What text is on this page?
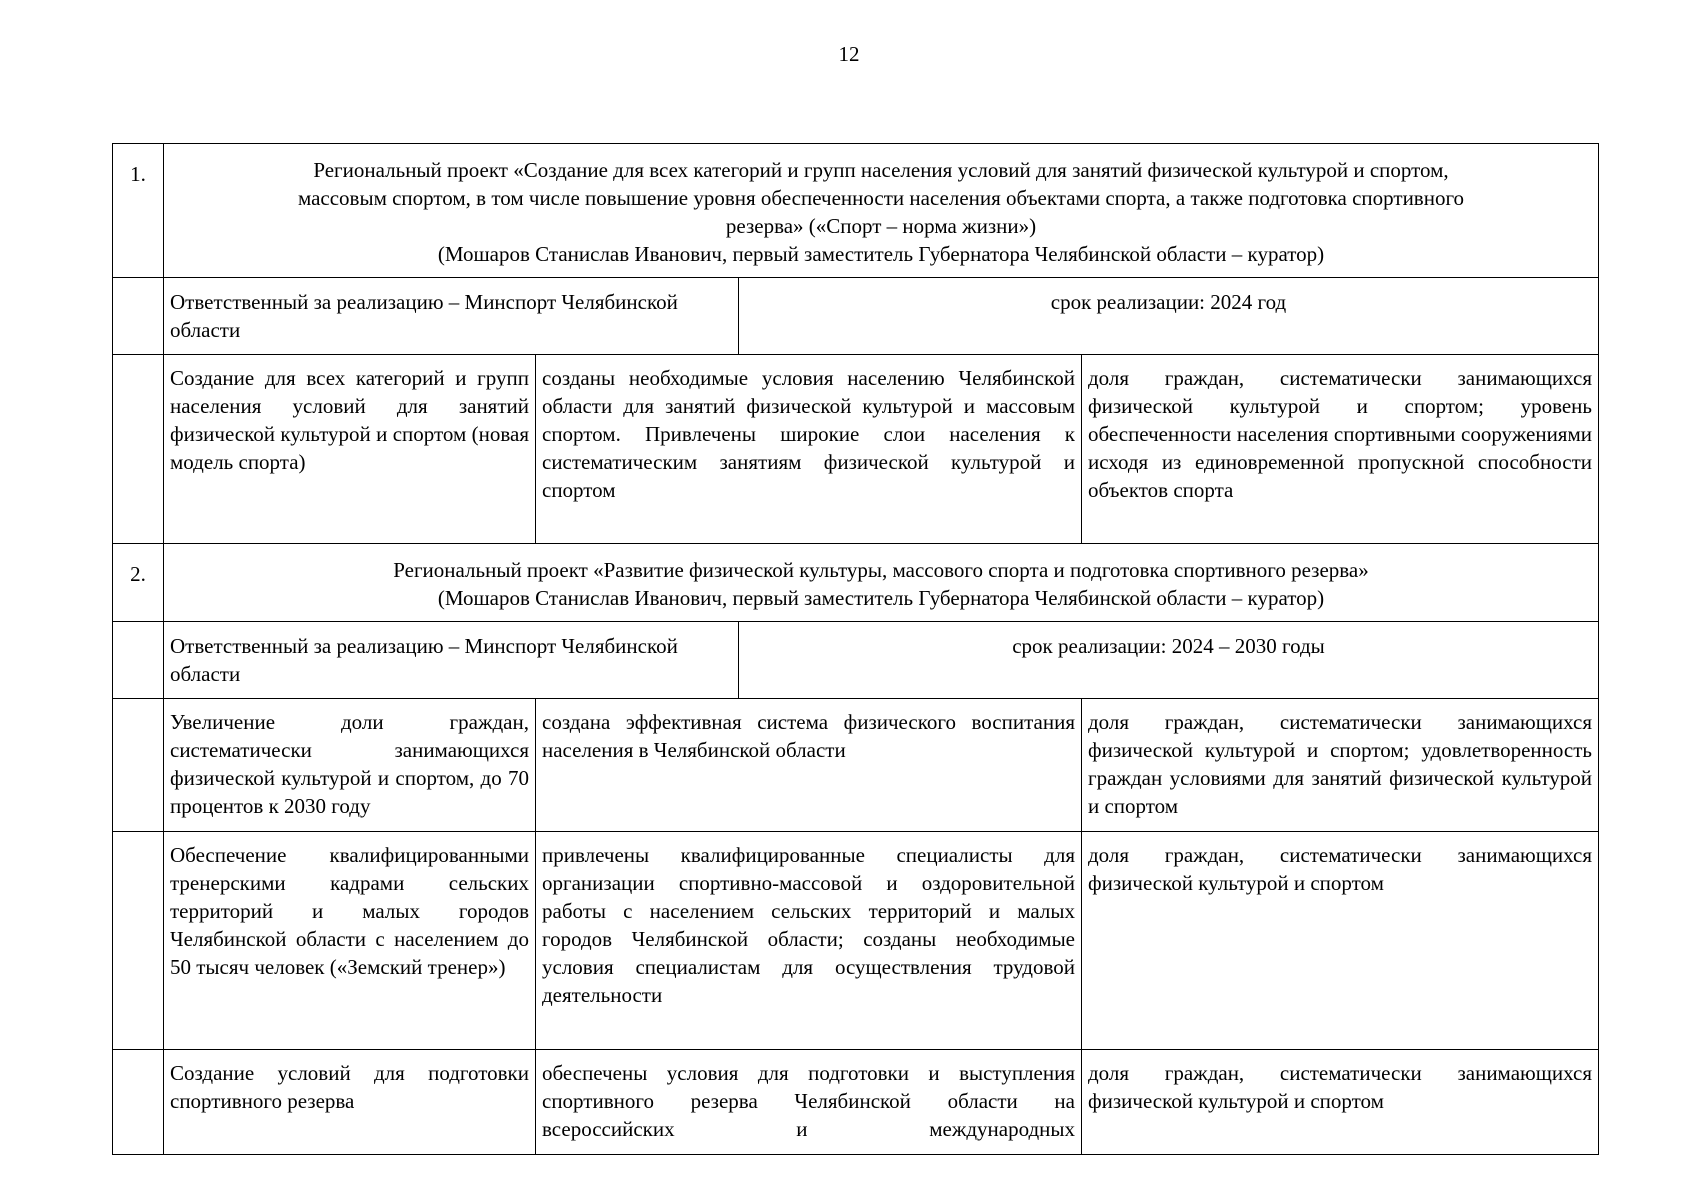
12
1.	Региональный проект «Создание для всех категорий и групп населения условий для занятий физической культурой и спортом,
массовым спортом, в том числе повышение уровня обеспеченности населения объектами спорта, а также подготовка спортивного
резерва» («Спорт – норма жизни»)
(Мошаров Станислав Иванович, первый заместитель Губернатора Челябинской области – куратор)			

	Ответственный за реализацию – Минспорт Челябинской области		срок реализации: 2024 год	
	Создание для всех категорий и групп населения условий для занятий физической культурой и спортом (новая модель спорта)	созданы необходимые условия населению Челябинской области для занятий физической культурой и массовым спортом. Привлечены широкие слои населения к систематическим занятиям физической культурой и спортом		доля граждан, систематически занимающихся физической культурой и спортом; уровень обеспеченности населения спортивными сооружениями исходя из единовременной пропускной способности объектов спорта
2.	Региональный проект «Развитие физической культуры, массового спорта и подготовка спортивного резерва»
(Мошаров Станислав Иванович, первый заместитель Губернатора Челябинской области – куратор)			

	Ответственный за реализацию – Минспорт Челябинской области		срок реализации: 2024 – 2030 годы	
	Увеличение доли граждан, систематически занимающихся физической культурой и спортом, до 70 процентов к 2030 году	создана эффективная система физического воспитания населения в Челябинской области		доля граждан, систематически занимающихся физической культурой и спортом; удовлетворенность граждан условиями для занятий физической культурой и спортом
	Обеспечение квалифицированными тренерскими кадрами сельских территорий и малых городов Челябинской области с населением до 50 тысяч человек («Земский тренер»)	привлечены квалифицированные специалисты для организации спортивно-массовой и оздоровительной работы с населением сельских территорий и малых городов Челябинской области; созданы необходимые условия специалистам для осуществления трудовой деятельности		доля граждан, систематически занимающихся физической культурой и спортом
	Создание условий для подготовки спортивного резерва	обеспечены условия для подготовки и выступления спортивного резерва Челябинской области на всероссийских и международных		доля граждан, систематически занимающихся физической культурой и спортом
